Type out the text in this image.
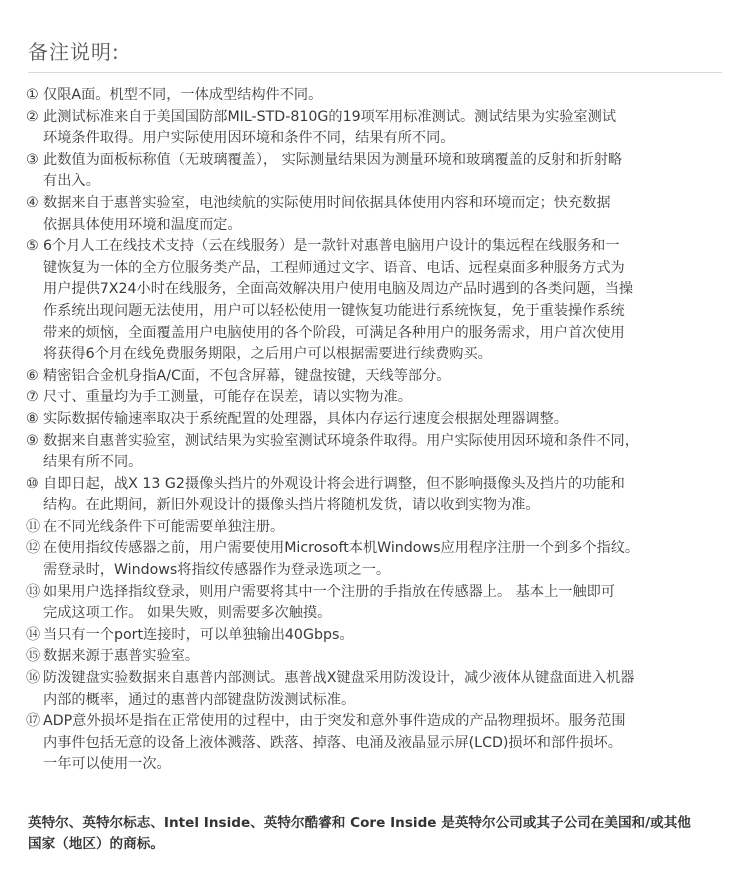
备注说明:
① 仅限A面。机型不同，一体成型结构件不同。
② 此测试标准来自于美国国防部MIL-STD-810G的19项军用标准测试。测试结果为实验室测试
环境条件取得。用户实际使用因环境和条件不同，结果有所不同。
③ 此数值为面板标称值（无玻璃覆盖）， 实际测量结果因为测量环境和玻璃覆盖的反射和折射略
有出入。
④ 数据来自于惠普实验室，电池续航的实际使用时间依据具体使用内容和环境而定；快充数据
依据具体使用环境和温度而定。
⑤ 6个月人工在线技术支持（云在线服务）是一款针对惠普电脑用户设计的集远程在线服务和一
键恢复为一体的全方位服务类产品，工程师通过文字、语音、电话、远程桌面多种服务方式为
用户提供7X24小时在线服务，全面高效解决用户使用电脑及周边产品时遇到的各类问题，当操
作系统出现问题无法使用，用户可以轻松使用一键恢复功能进行系统恢复，免于重装操作系统
带来的烦恼，全面覆盖用户电脑使用的各个阶段，可满足各种用户的服务需求，用户首次使用
将获得6个月在线免费服务期限，之后用户可以根据需要进行续费购买。
⑥ 精密铝合金机身指A/C面，不包含屏幕，键盘按键，天线等部分。
⑦ 尺寸、重量均为手工测量，可能存在误差，请以实物为准。
⑧ 实际数据传输速率取决于系统配置的处理器，具体内存运行速度会根据处理器调整。
⑨ 数据来自惠普实验室，测试结果为实验室测试环境条件取得。用户实际使用因环境和条件不同，
结果有所不同。
⑩ 自即日起，战X 13 G2摄像头挡片的外观设计将会进行调整，但不影响摄像头及挡片的功能和
结构。在此期间，新旧外观设计的摄像头挡片将随机发货，请以收到实物为准。
⑪ 在不同光线条件下可能需要单独注册。
⑫ 在使用指纹传感器之前，用户需要使用Microsoft本机Windows应用程序注册一个到多个指纹。
需登录时，Windows将指纹传感器作为登录选项之一。
⑬ 如果用户选择指纹登录，则用户需要将其中一个注册的手指放在传感器上。 基本上一触即可
完成这项工作。 如果失败，则需要多次触摸。
⑭ 当只有一个port连接时，可以单独输出40Gbps。
⑮ 数据来源于惠普实验室。
⑯ 防泼键盘实验数据来自惠普内部测试。惠普战X键盘采用防泼设计，减少液体从键盘面进入机器
内部的概率，通过的惠普内部键盘防泼测试标准。
⑰ ADP意外损坏是指在正常使用的过程中，由于突发和意外事件造成的产品物理损坏。服务范围
内事件包括无意的设备上液体溅落、跌落、掉落、电涌及液晶显示屏(LCD)损坏和部件损坏。
一年可以使用一次。
英特尔、英特尔标志、Intel Inside、英特尔酷睿和 Core Inside 是英特尔公司或其子公司在美国和/或其他
国家（地区）的商标。
